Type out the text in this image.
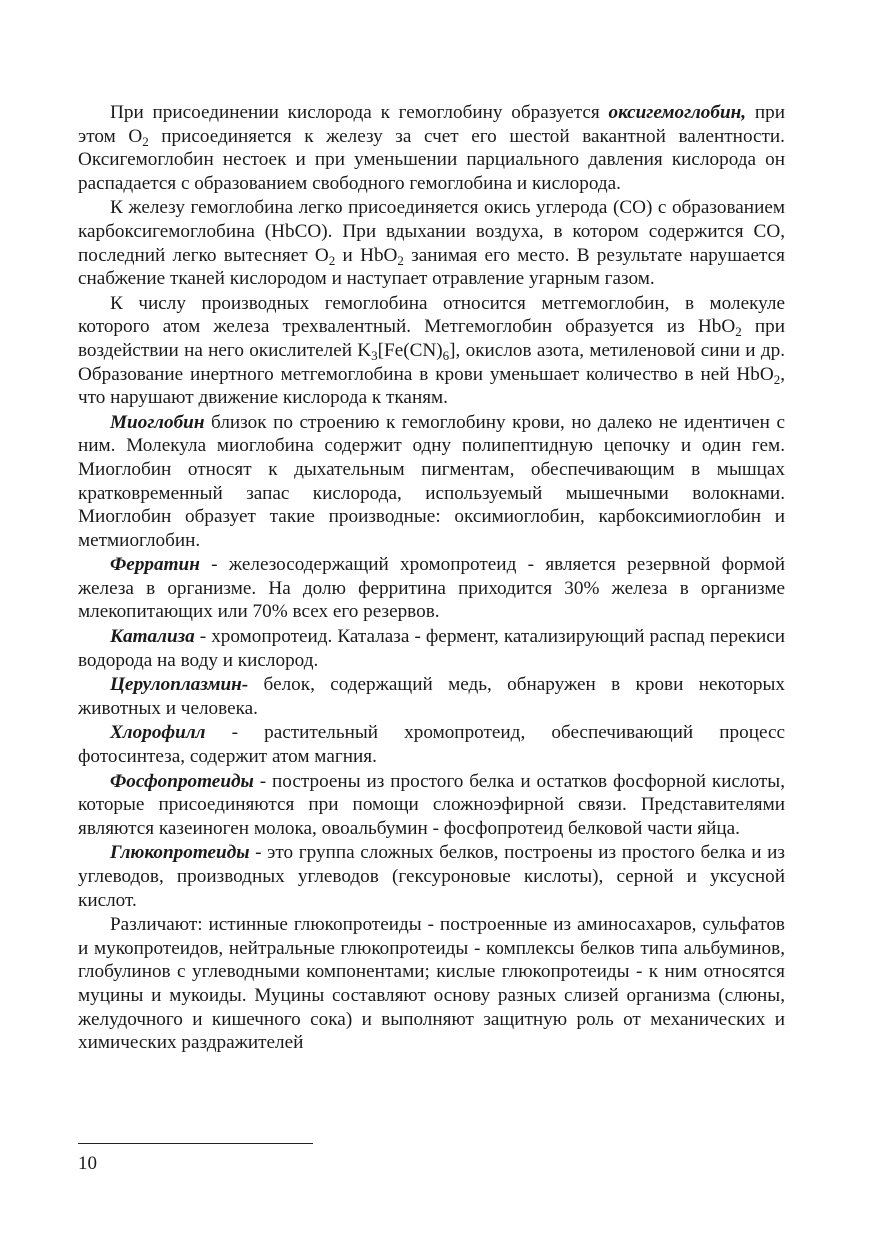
При присоединении кислорода к гемоглобину образуется оксигемоглобин, при этом $O_2$ присоединяется к железу за счет его шестой вакантной валентности. Оксигемоглобин нестоек и при уменьшении парциального давления кислорода он распадается с образованием свободного гемоглобина и кислорода.

К железу гемоглобина легко присоединяется окись углерода (CO) с образованием карбоксигемоглобина (HbCO). При вдыхании воздуха, в котором содержится CO, последний легко вытесняет $O_2$ и HbO$_2$ занимая его место. В результате нарушается снабжение тканей кислородом и наступает отравление угарным газом.

К числу производных гемоглобина относится метгемоглобин, в молекуле которого атом железа трехвалентный. Метгемоглобин образуется из HbO$_2$ при воздействии на него окислителей $K_3[Fe(CN)_6]$, окислов азота, метиленовой сини и др. Образование инертного метгемоглобина в крови уменьшает количество в ней HbO$_2$, что нарушают движение кислорода к тканям.

Миоглобин близок по строению к гемоглобину крови, но далеко не идентичен с ним. Молекула миоглобина содержит одну полипептидную цепочку и один гем. Миоглобин относят к дыхательным пигментам, обеспечивающим в мышцах кратковременный запас кислорода, используемый мышечными волокнами. Миоглобин образует такие производные: оксимиоглобин, карбоксимиоглобин и метмиоглобин.

Ферратин - железосодержащий хромопротеид - является резервной формой железа в организме. На долю ферритина приходится 30% железа в организме млекопитающих или 70% всех его резервов.

Катализа - хромопротеид. Каталаза - фермент, катализирующий распад перекиси водорода на воду и кислород.

Церулоплазмин- белок, содержащий медь, обнаружен в крови некоторых животных и человека.

Хлорофилл - растительный хромопротеид, обеспечивающий процесс фотосинтеза, содержит атом магния.

Фосфопротеиды - построены из простого белка и остатков фосфорной кислоты, которые присоединяются при помощи сложноэфирной связи. Представителями являются казеиноген молока, овоальбумин - фосфопротеид белковой части яйца.

Глюкопротеиды - это группа сложных белков, построены из простого белка и из углеводов, производных углеводов (гексуроновые кислоты), серной и уксусной кислот.

Различают: истинные глюкопротеиды - построенные из аминосахаров, сульфатов и мукопротеидов, нейтральные глюкопротеиды - комплексы белков типа альбуминов, глобулинов с углеводными компонентами; кислые глюкопротеиды - к ним относятся муцины и мукоиды. Муцины составляют основу разных слизей организма (слюны, желудочного и кишечного сока) и выполняют защитную роль от механических и химических раздражителей

10
